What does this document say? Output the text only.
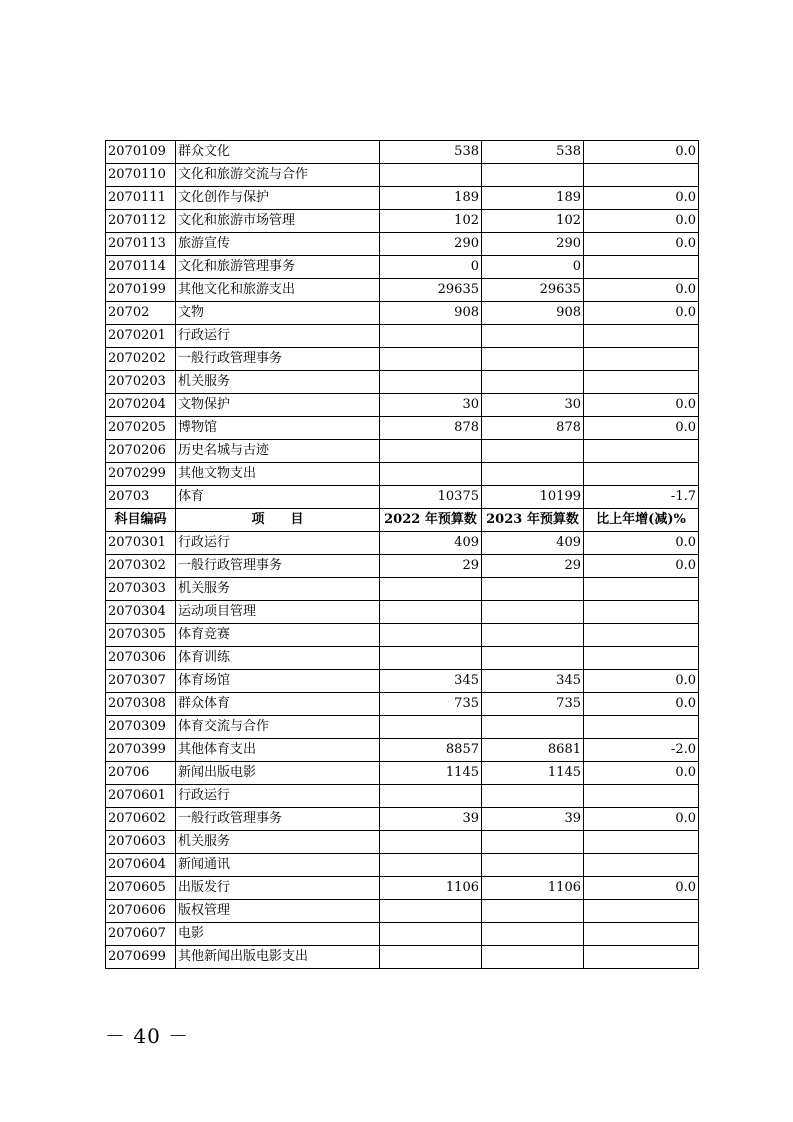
2070109	群众文化	538	538	0.0
2070110	文化和旅游交流与合作			
2070111	文化创作与保护	189	189	0.0
2070112	文化和旅游市场管理	102	102	0.0
2070113	旅游宣传	290	290	0.0
2070114	文化和旅游管理事务	0	0	
2070199	其他文化和旅游支出	29635	29635	0.0
20702	文物	908	908	0.0
2070201	行政运行			
2070202	一般行政管理事务			
2070203	机关服务			
2070204	文物保护	30	30	0.0
2070205	博物馆	878	878	0.0
2070206	历史名城与古迹			
2070299	其他文物支出			
20703	体育	10375	10199	-1.7
科目编码	项　　目	2022 年预算数	2023 年预算数	比上年增(减)%
2070301	行政运行	409	409	0.0
2070302	一般行政管理事务	29	29	0.0
2070303	机关服务			
2070304	运动项目管理			
2070305	体育竞赛			
2070306	体育训练			
2070307	体育场馆	345	345	0.0
2070308	群众体育	735	735	0.0
2070309	体育交流与合作			
2070399	其他体育支出	8857	8681	-2.0
20706	新闻出版电影	1145	1145	0.0
2070601	行政运行			
2070602	一般行政管理事务	39	39	0.0
2070603	机关服务			
2070604	新闻通讯			
2070605	出版发行	1106	1106	0.0
2070606	版权管理			
2070607	电影			
2070699	其他新闻出版电影支出			
－ 40 －
